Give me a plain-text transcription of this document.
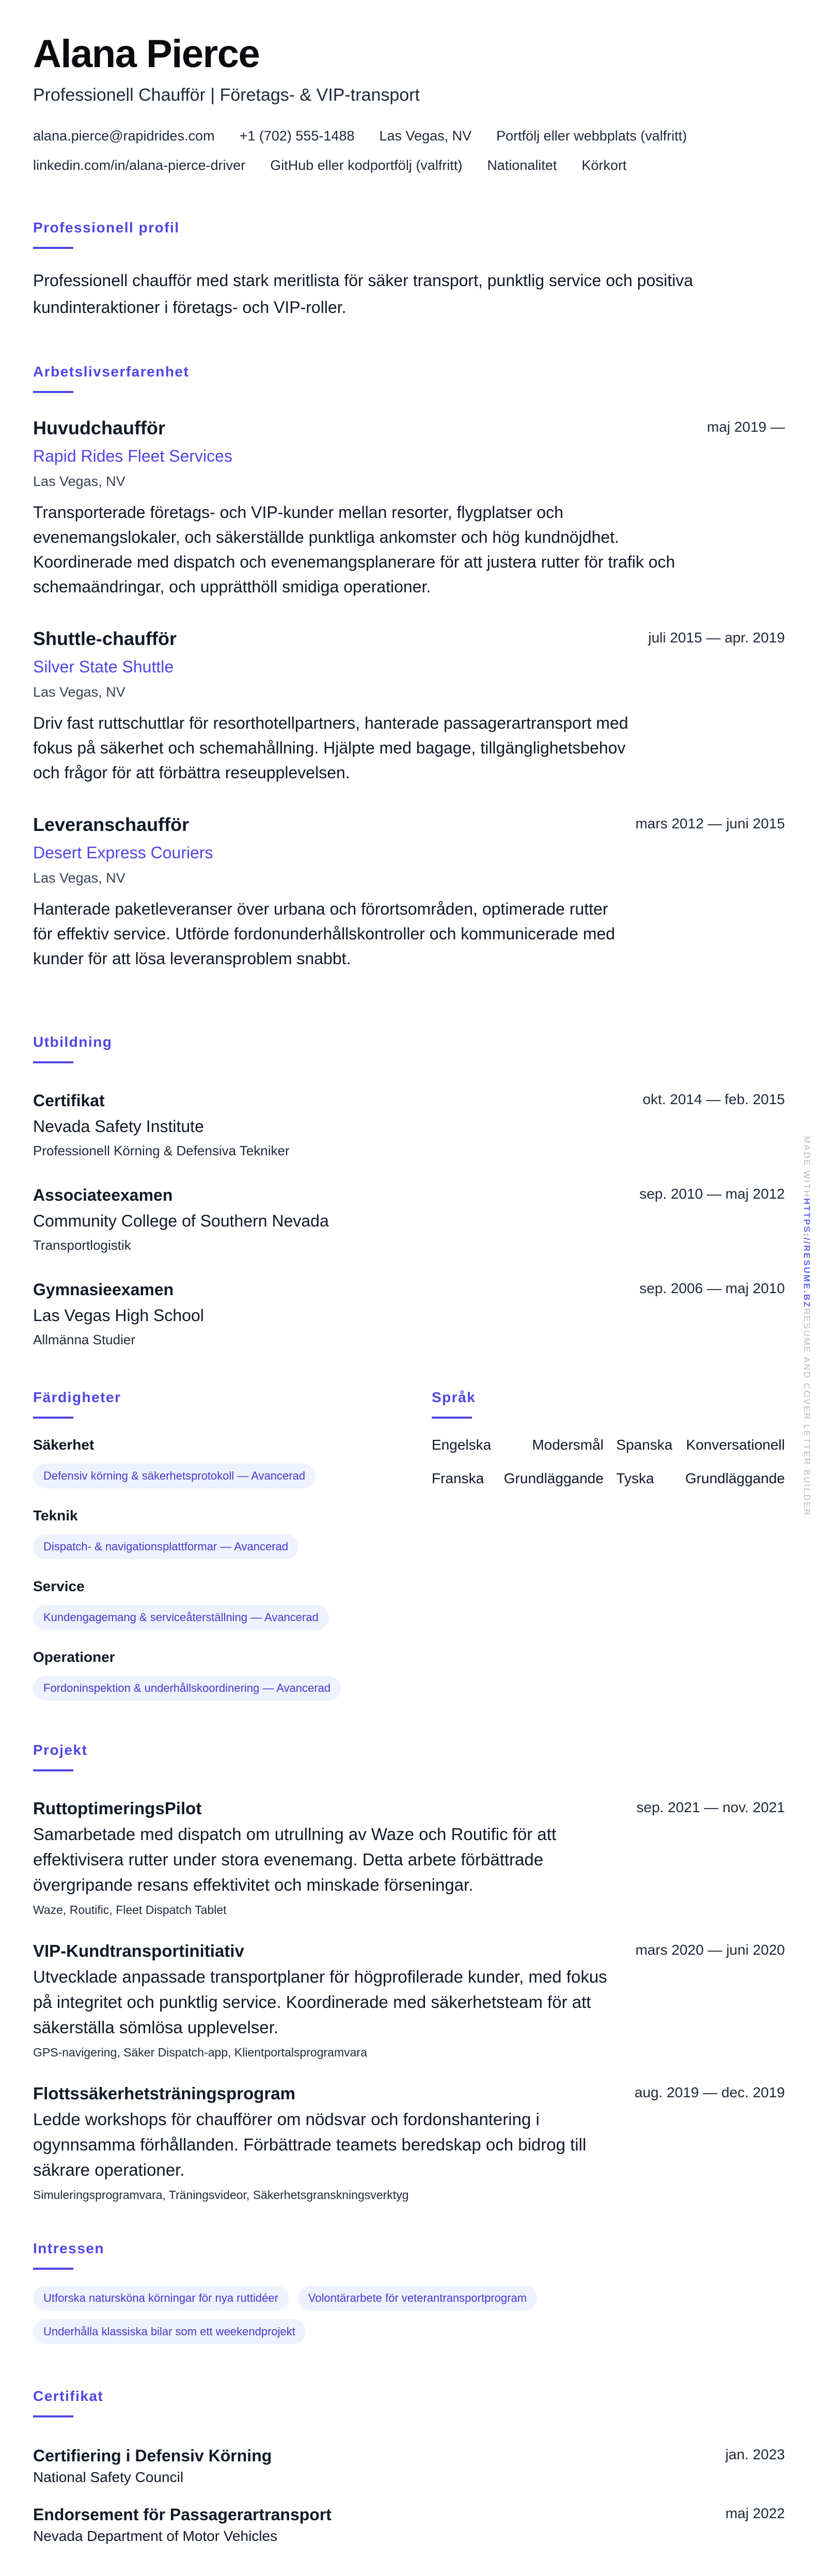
Alana Pierce
Professionell Chaufför | Företags- & VIP-transport
alana.pierce@rapidrides.com +1 (702) 555-1488 Las Vegas, NV Portfölj eller webbplats (valfritt)
linkedin.com/in/alana-pierce-driver GitHub eller kodportfölj (valfritt) Nationalitet Körkort
Professionell profil

Professionell chaufför med stark meritlista för säker transport, punktlig service och positiva kundinteraktioner i företags- och VIP-roller.

Arbetslivserfarenhet
Huvudchaufför
Rapid Rides Fleet Services
Las Vegas, NV
Transporterade företags- och VIP-kunder mellan resorter, flygplatser och evenemangslokaler, och säkerställde punktliga ankomster och hög kundnöjdhet. Koordinerade med dispatch och evenemangsplanerare för att justera rutter för trafik och schemaändringar, och upprätthöll smidiga operationer.
maj 2019 —
Shuttle-chaufför
Silver State Shuttle
Las Vegas, NV
Driv fast ruttschuttlar för resorthotellpartners, hanterade passagerartransport med fokus på säkerhet och schemahållning. Hjälpte med bagage, tillgänglighetsbehov och frågor för att förbättra reseupplevelsen.
juli 2015 — apr. 2019
Leveranschaufför
Desert Express Couriers
Las Vegas, NV
Hanterade paketleveranser över urbana och förortsområden, optimerade rutter för effektiv service. Utförde fordonunderhållskontroller och kommunicerade med kunder för att lösa leveransproblem snabbt.
mars 2012 — juni 2015
Utbildning
Certifikat
Nevada Safety Institute
Professionell Körning & Defensiva Tekniker
okt. 2014 — feb. 2015
Associateexamen
Community College of Southern Nevada
Transportlogistik
sep. 2010 — maj 2012
Gymnasieexamen
Las Vegas High School
Allmänna Studier
sep. 2006 — maj 2010
Färdigheter
Säkerhet
Defensiv körning & säkerhetsprotokoll — Avancerad
Teknik
Dispatch- & navigationsplattformar — Avancerad
Service
Kundengagemang & serviceåterställning — Avancerad
Operationer
Fordoninspektion & underhållskoordinering — Avancerad
Språk
Engelska	Modersmål Spanska Konversationell
Franska	Grundläggande Tyska	Grundläggande
Projekt
RuttoptimeringsPilot
Samarbetade med dispatch om utrullning av Waze och Routific för att effektivisera rutter under stora evenemang. Detta arbete förbättrade övergripande resans effektivitet och minskade förseningar.
Waze, Routific, Fleet Dispatch Tablet
sep. 2021 — nov. 2021
VIP-Kundtransportinitiativ
Utvecklade anpassade transportplaner för högprofilerade kunder, med fokus på integritet och punktlig service. Koordinerade med säkerhetsteam för att säkerställa sömlösa upplevelser.
GPS-navigering, Säker Dispatch-app, Klientportalsprogramvara
mars 2020 — juni 2020
Flottssäkerhetsträningsprogram
Ledde workshops för chaufförer om nödsvar och fordonshantering i ogynnsamma förhållanden. Förbättrade teamets beredskap och bidrog till säkrare operationer.
Simuleringsprogramvara, Träningsvideor, Säkerhetsgranskningsverktyg
aug. 2019 — dec. 2019
Intressen
Utforska natursköna körningar för nya ruttidéer	Volontärarbete för veterantransportprogram
Underhålla klassiska bilar som ett weekendprojekt
Certifikat
Certifiering i Defensiv Körning
National Safety Council
jan. 2023
Endorsement för Passagerartransport
Nevada Department of Motor Vehicles
maj 2022
MADE WITHHTTPS://RESUME.BZRESUME AND COVER LETTER BUILDER
